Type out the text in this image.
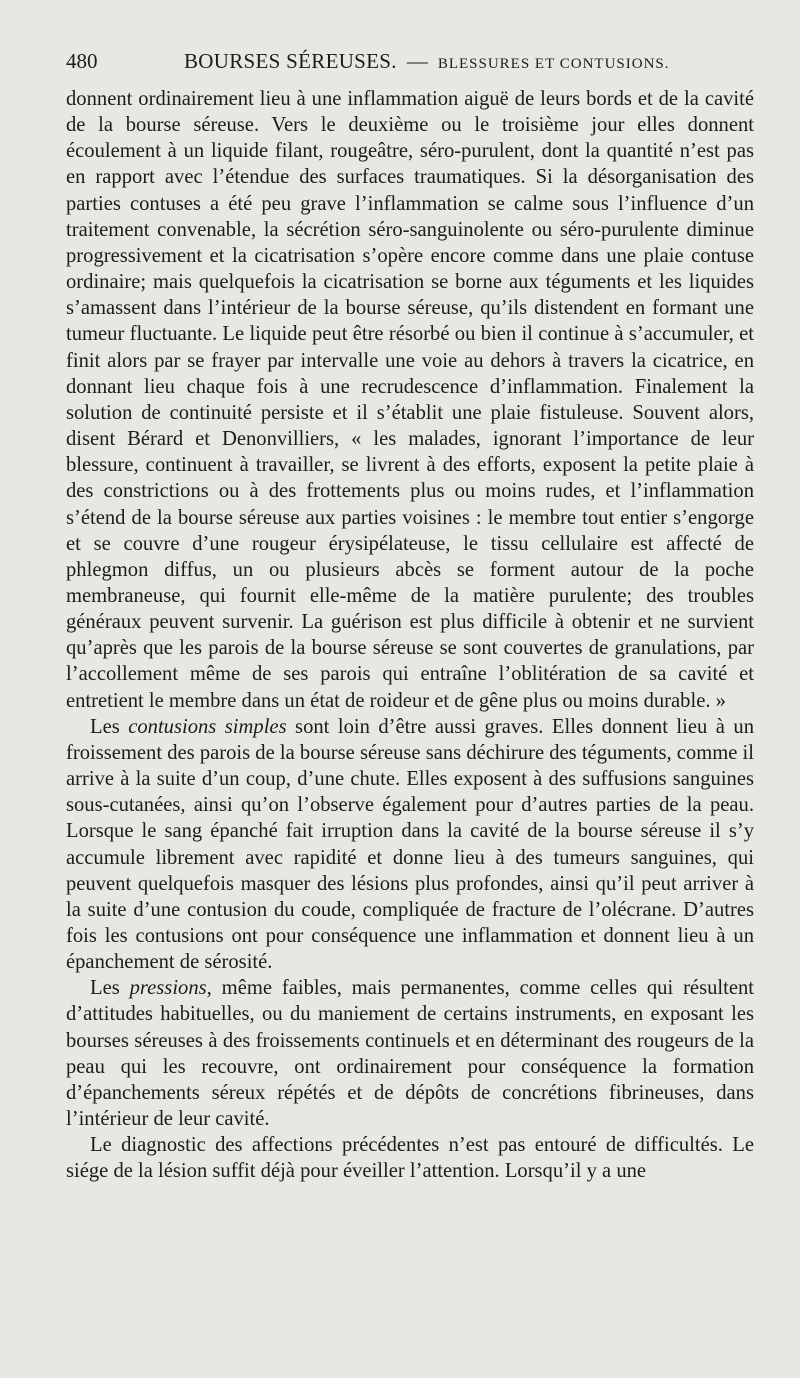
480	BOURSES SÉREUSES. — BLESSURES ET CONTUSIONS.

donnent ordinairement lieu à une inflammation aiguë de leurs bords et de la cavité de la bourse séreuse. Vers le deuxième ou le troisième jour elles donnent écoulement à un liquide filant, rougeâtre, séro-purulent, dont la quantité n’est pas en rapport avec l’étendue des surfaces traumatiques. Si la désorganisation des parties contuses a été peu grave l’inflammation se calme sous l’influence d’un traitement convenable, la sécrétion séro-sanguinolente ou séro-purulente diminue progressivement et la cicatrisation s’opère encore comme dans une plaie contuse ordinaire; mais quelquefois la cicatrisation se borne aux téguments et les liquides s’amassent dans l’intérieur de la bourse séreuse, qu’ils distendent en formant une tumeur fluctuante. Le liquide peut être résorbé ou bien il continue à s’accumuler, et finit alors par se frayer par intervalle une voie au dehors à travers la cicatrice, en donnant lieu chaque fois à une recrudescence d’inflammation. Finalement la solution de continuité persiste et il s’établit une plaie fistuleuse. Souvent alors, disent Bérard et Denonvilliers, « les malades, ignorant l’importance de leur blessure, continuent à travailler, se livrent à des efforts, exposent la petite plaie à des constrictions ou à des frottements plus ou moins rudes, et l’inflammation s’étend de la bourse séreuse aux parties voisines : le membre tout entier s’engorge et se couvre d’une rougeur érysipélateuse, le tissu cellulaire est affecté de phlegmon diffus, un ou plusieurs abcès se forment autour de la poche membraneuse, qui fournit elle-même de la matière purulente; des troubles généraux peuvent survenir. La guérison est plus difficile à obtenir et ne survient qu’après que les parois de la bourse séreuse se sont couvertes de granulations, par l’accollement même de ses parois qui entraîne l’oblitération de sa cavité et entretient le membre dans un état de roideur et de gêne plus ou moins durable. »

Les contusions simples sont loin d’être aussi graves. Elles donnent lieu à un froissement des parois de la bourse séreuse sans déchirure des téguments, comme il arrive à la suite d’un coup, d’une chute. Elles exposent à des suffusions sanguines sous-cutanées, ainsi qu’on l’observe également pour d’autres parties de la peau. Lorsque le sang épanché fait irruption dans la cavité de la bourse séreuse il s’y accumule librement avec rapidité et donne lieu à des tumeurs sanguines, qui peuvent quelquefois masquer des lésions plus profondes, ainsi qu’il peut arriver à la suite d’une contusion du coude, compliquée de fracture de l’olécrane. D’autres fois les contusions ont pour conséquence une inflammation et donnent lieu à un épanchement de sérosité.

Les pressions, même faibles, mais permanentes, comme celles qui résultent d’attitudes habituelles, ou du maniement de certains instruments, en exposant les bourses séreuses à des froissements continuels et en déterminant des rougeurs de la peau qui les recouvre, ont ordinairement pour conséquence la formation d’épanchements séreux répétés et de dépôts de concrétions fibrineuses, dans l’intérieur de leur cavité.

Le diagnostic des affections précédentes n’est pas entouré de difficultés. Le siége de la lésion suffit déjà pour éveiller l’attention. Lorsqu’il y a une
